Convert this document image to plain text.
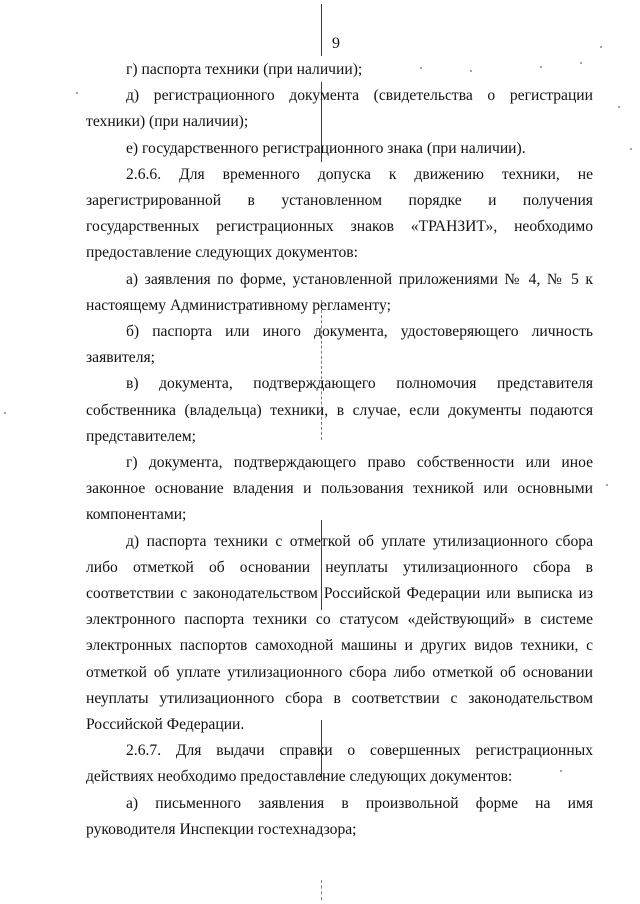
9

г) паспорта техники (при наличии);

д) регистрационного документа (свидетельства о регистрации техники) (при наличии);

е) государственного регистрационного знака (при наличии).

2.6.6. Для временного допуска к движению техники, не зарегистрированной в установленном порядке и получения государственных регистрационных знаков «ТРАНЗИТ», необходимо предоставление следующих документов:

а) заявления по форме, установленной приложениями № 4, № 5 к настоящему Административному регламенту;

б) паспорта или иного документа, удостоверяющего личность заявителя;

в) документа, подтверждающего полномочия представителя собственника (владельца) техники, в случае, если документы подаются представителем;

г) документа, подтверждающего право собственности или иное законное основание владения и пользования техникой или основными компонентами;

д) паспорта техники с отметкой об уплате утилизационного сбора либо отметкой об основании неуплаты утилизационного сбора в соответствии с законодательством Российской Федерации или выписка из электронного паспорта техники со статусом «действующий» в системе электронных паспортов самоходной машины и других видов техники, с отметкой об уплате утилизационного сбора либо отметкой об основании неуплаты утилизационного сбора в соответствии с законодательством Российской Федерации.

2.6.7. Для выдачи справки о совершенных регистрационных действиях необходимо предоставление следующих документов:

а) письменного заявления в произвольной форме на имя руководителя Инспекции гостехнадзора;
